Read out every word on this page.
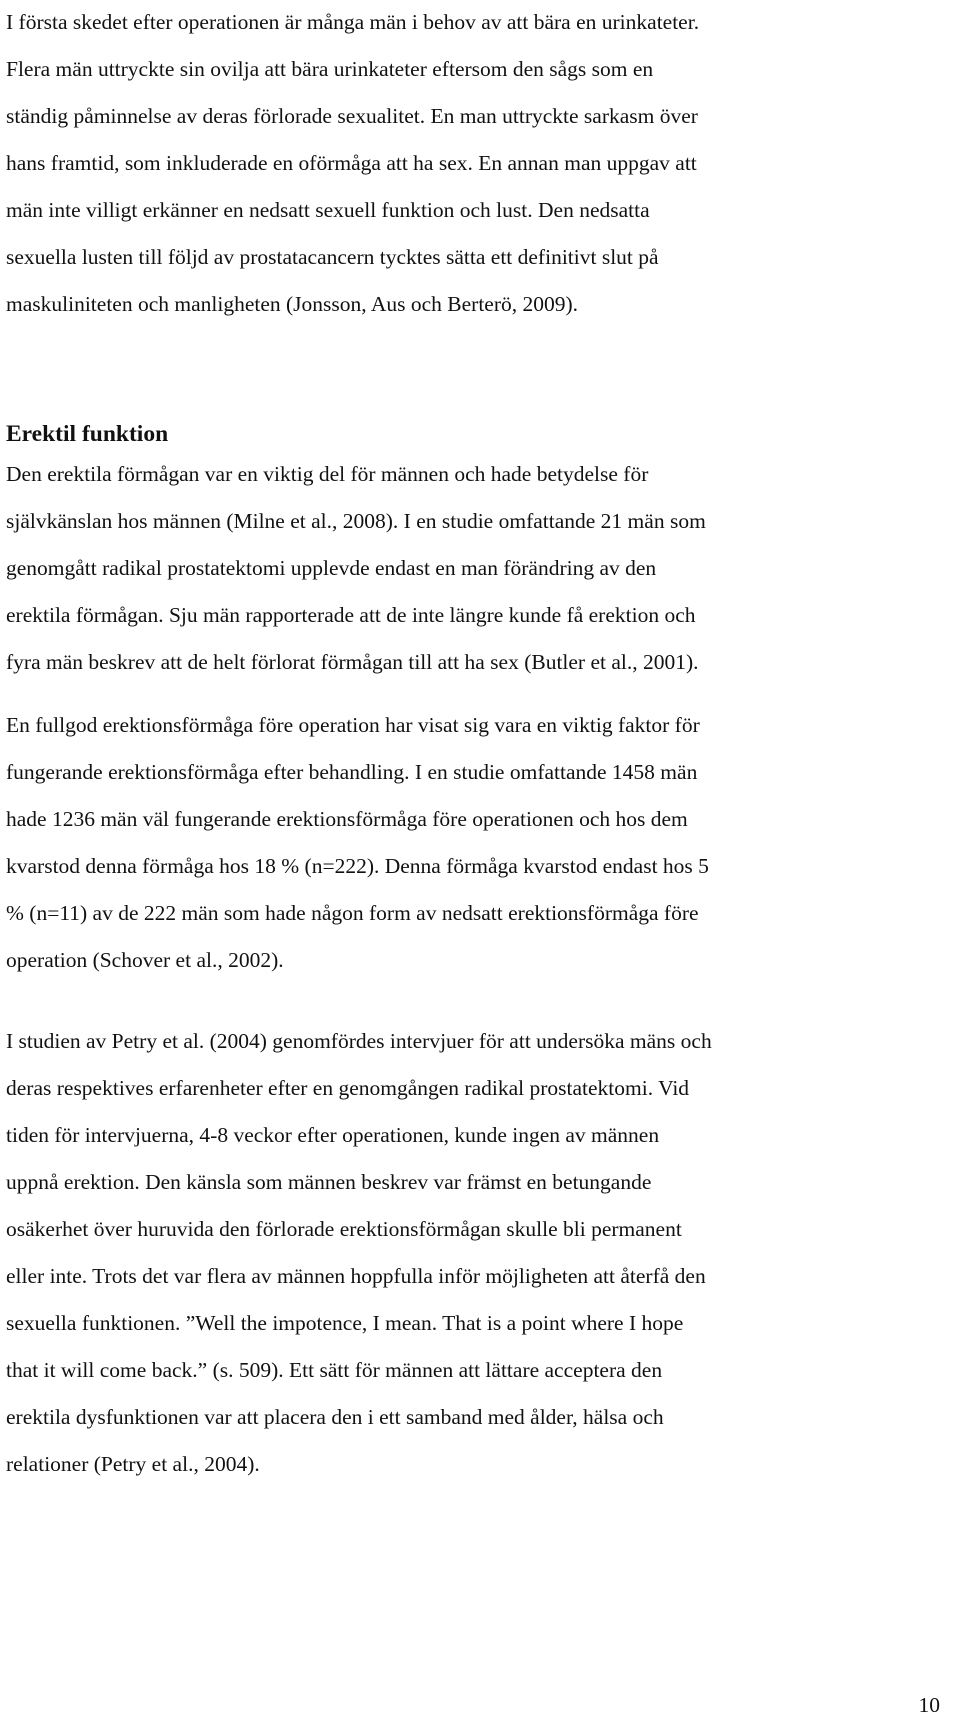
I första skedet efter operationen är många män i behov av att bära en urinkateter.
Flera män uttryckte sin ovilja att bära urinkateter eftersom den sågs som en
ständig påminnelse av deras förlorade sexualitet. En man uttryckte sarkasm över
hans framtid, som inkluderade en oförmåga att ha sex. En annan man uppgav att
män inte villigt erkänner en nedsatt sexuell funktion och lust. Den nedsatta
sexuella lusten till följd av prostatacancern tycktes sätta ett definitivt slut på
maskuliniteten och manligheten (Jonsson, Aus och Berterö, 2009).

Erektil funktion

Den erektila förmågan var en viktig del för männen och hade betydelse för
självkänslan hos männen (Milne et al., 2008). I en studie omfattande 21 män som
genomgått radikal prostatektomi upplevde endast en man förändring av den
erektila förmågan. Sju män rapporterade att de inte längre kunde få erektion och
fyra män beskrev att de helt förlorat förmågan till att ha sex (Butler et al., 2001).

En fullgod erektionsförmåga före operation har visat sig vara en viktig faktor för
fungerande erektionsförmåga efter behandling. I en studie omfattande 1458 män
hade 1236 män väl fungerande erektionsförmåga före operationen och hos dem
kvarstod denna förmåga hos 18 % (n=222). Denna förmåga kvarstod endast hos 5
% (n=11) av de 222 män som hade någon form av nedsatt erektionsförmåga före
operation (Schover et al., 2002).

I studien av Petry et al. (2004) genomfördes intervjuer för att undersöka mäns och
deras respektives erfarenheter efter en genomgången radikal prostatektomi. Vid
tiden för intervjuerna, 4-8 veckor efter operationen, kunde ingen av männen
uppnå erektion. Den känsla som männen beskrev var främst en betungande
osäkerhet över huruvida den förlorade erektionsförmågan skulle bli permanent
eller inte. Trots det var flera av männen hoppfulla inför möjligheten att återfå den
sexuella funktionen. ”Well the impotence, I mean. That is a point where I hope
that it will come back.” (s. 509). Ett sätt för männen att lättare acceptera den
erektila dysfunktionen var att placera den i ett samband med ålder, hälsa och
relationer (Petry et al., 2004).

10
